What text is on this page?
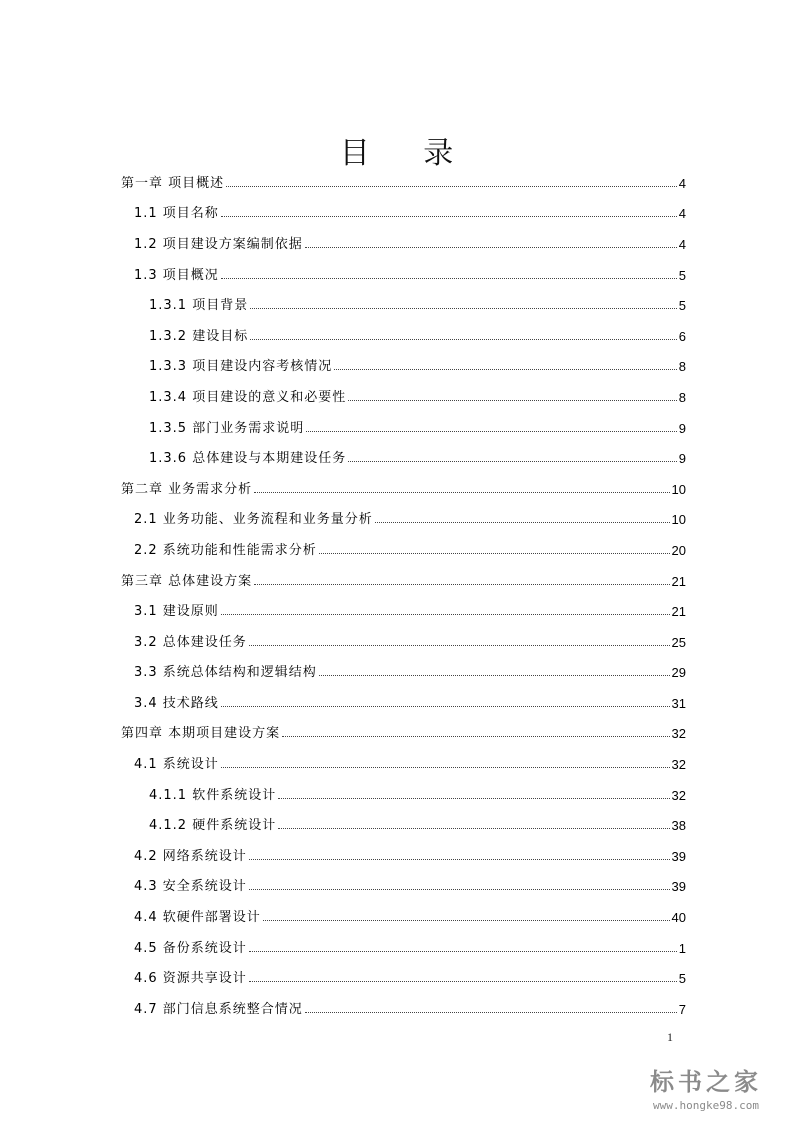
目 录
第一章 项目概述	4
1.1 项目名称	4
1.2 项目建设方案编制依据	4
1.3 项目概况	5
1.3.1 项目背景	5
1.3.2 建设目标	6
1.3.3 项目建设内容考核情况	8
1.3.4 项目建设的意义和必要性	8
1.3.5 部门业务需求说明	9
1.3.6 总体建设与本期建设任务	9
第二章 业务需求分析	10
2.1 业务功能、业务流程和业务量分析	10
2.2 系统功能和性能需求分析	20
第三章 总体建设方案	21
3.1 建设原则	21
3.2 总体建设任务	25
3.3 系统总体结构和逻辑结构	29
3.4 技术路线	31
第四章 本期项目建设方案	32
4.1 系统设计	32
4.1.1 软件系统设计	32
4.1.2 硬件系统设计	38
4.2 网络系统设计	39
4.3 安全系统设计	39
4.4 软硬件部署设计	40
4.5 备份系统设计	1
4.6 资源共享设计	5
4.7 部门信息系统整合情况	7
1
标书之家
www.hongke98.com
